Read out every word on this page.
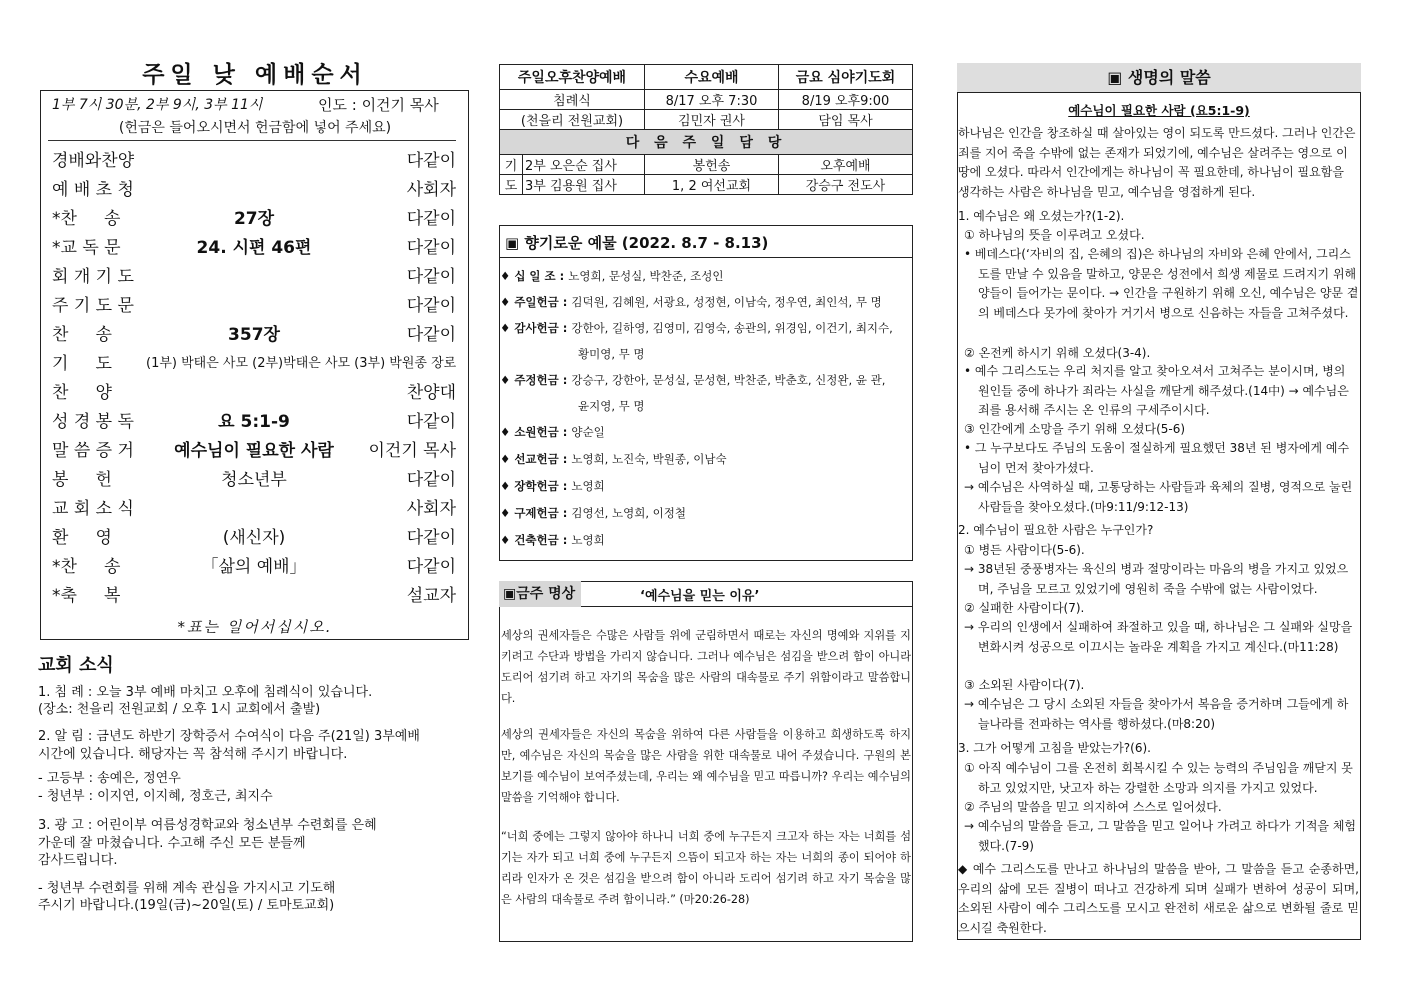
주일 낮 예배순서
1부 7시 30분, 2부 9시, 3부 11시	인도 : 이건기 목사
(헌금은 들어오시면서 헌금함에 넣어 주세요)
경배와찬양	다같이
예 배 초 청	사회자
*찬     송	27장	다같이
*교 독 문	24. 시편 46편	다같이
회 개 기 도	다같이
주 기 도 문	다같이
찬     송	357장	다같이
기     도	(1부) 박태은 사모 (2부)박태은 사모 (3부) 박원종 장로
찬     양	찬양대
성 경 봉 독	요 5:1-9	다같이
말 씀 증 거	예수님이 필요한 사람	이건기 목사
봉     헌	청소년부	다같이
교 회 소 식	사회자
환     영	(새신자)	다같이
*찬     송	「삶의 예배」	다같이
*축     복	설교자
*표는 일어서십시오.
교회 소식
1. 침 례 : 오늘 3부 예배 마치고 오후에 침례식이 있습니다.
(장소: 천을리 전원교회 / 오후 1시 교회에서 출발)
2. 알 림 : 금년도 하반기 장학증서 수여식이 다음 주(21일) 3부예배
시간에 있습니다. 해당자는 꼭 참석해 주시기 바랍니다.
- 고등부 : 송예은, 정연우
- 청년부 : 이지연, 이지혜, 정호근, 최지수
3. 광 고 : 어린이부 여름성경학교와 청소년부 수련회를 은혜
가운데 잘 마쳤습니다. 수고해 주신 모든 분들께
감사드립니다.
- 청년부 수련회를 위해 계속 관심을 가지시고 기도해
주시기 바랍니다.(19일(금)~20일(토) / 토마토교회)
주일오후찬양예배		수요예배	금요 심야기도회
침례식		8/17 오후 7:30	8/19 오후9:00
(천을리 전원교회)		김민자 권사	담임 목사
다 음 주 일 담 당			
기	2부 오은순 집사	봉헌송	오후예배
도	3부 김용원 집사	1, 2 여선교회	강승구 전도사
▣ 향기로운 예물 (2022. 8.7 - 8.13)
♦ 십 일 조 : 노영희, 문성실, 박찬준, 조성인
♦ 주일헌금 : 김덕원, 김혜원, 서광요, 성정현, 이남숙, 정우연, 최인석, 무 명
♦ 감사헌금 : 강한아, 길하영, 김영미, 김영숙, 송관의, 위경임, 이건기, 최지수,
황미영, 무 명
♦ 주정헌금 : 강승구, 강한아, 문성실, 문성현, 박찬준, 박춘호, 신정완, 윤 관,
윤지영, 무 명
♦ 소원헌금 : 양순일
♦ 선교헌금 : 노영희, 노진숙, 박원종, 이남숙
♦ 장학헌금 : 노영희
♦ 구제헌금 : 김영선, 노영희, 이정철
♦ 건축헌금 : 노영희
▣금주 명상	‘예수님을 믿는 이유’
세상의 권세자들은 수많은 사람들 위에 군림하면서 때로는 자신의 명예와 지위를 지키려고 수단과 방법을 가리지 않습니다. 그러나 예수님은 섬김을 받으려 함이 아니라 도리어 섬기려 하고 자기의 목숨을 많은 사람의 대속물로 주기 위함이라고 말씀합니다.
세상의 권세자들은 자신의 목숨을 위하여 다른 사람들을 이용하고 희생하도록 하지만, 예수님은 자신의 목숨을 많은 사람을 위한 대속물로 내어 주셨습니다. 구원의 본보기를 예수님이 보여주셨는데, 우리는 왜 예수님을 믿고 따릅니까? 우리는 예수님의 말씀을 기억해야 합니다.
“너희 중에는 그렇지 않아야 하나니 너희 중에 누구든지 크고자 하는 자는 너희를 섬기는 자가 되고 너희 중에 누구든지 으뜸이 되고자 하는 자는 너희의 종이 되어야 하리라 인자가 온 것은 섬김을 받으려 함이 아니라 도리어 섬기려 하고 자기 목숨을 많은 사람의 대속물로 주려 함이니라.” (마20:26-28)
▣ 생명의 말씀
예수님이 필요한 사람 (요5:1-9)
하나님은 인간을 창조하실 때 살아있는 영이 되도록 만드셨다. 그러나 인간은 죄를 지어 죽을 수밖에 없는 존재가 되었기에, 예수님은 살려주는 영으로 이땅에 오셨다. 따라서 인간에게는 하나님이 꼭 필요한데, 하나님이 필요함을 생각하는 사람은 하나님을 믿고, 예수님을 영접하게 된다.
1. 예수님은 왜 오셨는가?(1-2).
① 하나님의 뜻을 이루려고 오셨다.
• 베데스다(‘자비의 집, 은혜의 집)은 하나님의 자비와 은혜 안에서, 그리스도를 만날 수 있음을 말하고, 양문은 성전에서 희생 제물로 드려지기 위해 양들이 들어가는 문이다. → 인간을 구원하기 위해 오신, 예수님은 양문 곁의 베데스다 못가에 찾아가 거기서 병으로 신음하는 자들을 고쳐주셨다.
② 온전케 하시기 위해 오셨다(3-4).
• 예수 그리스도는 우리 처지를 알고 찾아오셔서 고쳐주는 분이시며, 병의 원인들 중에 하나가 죄라는 사실을 깨닫게 해주셨다.(14中) → 예수님은 죄를 용서해 주시는 온 인류의 구세주이시다.
③ 인간에게 소망을 주기 위해 오셨다(5-6)
• 그 누구보다도 주님의 도움이 절실하게 필요했던 38년 된 병자에게 예수님이 먼저 찾아가셨다.
→ 예수님은 사역하실 때, 고통당하는 사람들과 육체의 질병, 영적으로 눌린 사람들을 찾아오셨다.(마9:11/9:12-13)
2. 예수님이 필요한 사람은 누구인가?
① 병든 사람이다(5-6).
→ 38년된 중풍병자는 육신의 병과 절망이라는 마음의 병을 가지고 있었으며, 주님을 모르고 있었기에 영원히 죽을 수밖에 없는 사람이었다.
② 실패한 사람이다(7).
→ 우리의 인생에서 실패하여 좌절하고 있을 때, 하나님은 그 실패와 실망을 변화시켜 성공으로 이끄시는 놀라운 계획을 가지고 계신다.(마11:28)
③ 소외된 사람이다(7).
→ 예수님은 그 당시 소외된 자들을 찾아가서 복음을 증거하며 그들에게 하늘나라를 전파하는 역사를 행하셨다.(마8:20)
3. 그가 어떻게 고침을 받았는가?(6).
① 아직 예수님이 그를 온전히 회복시킬 수 있는 능력의 주님임을 깨닫지 못하고 있었지만, 낫고자 하는 강렬한 소망과 의지를 가지고 있었다.
② 주님의 말씀을 믿고 의지하여 스스로 일어섰다.
→ 예수님의 말씀을 듣고, 그 말씀을 믿고 일어나 가려고 하다가 기적을 체험했다.(7-9)
◆ 예수 그리스도를 만나고 하나님의 말씀을 받아, 그 말씀을 듣고 순종하면, 우리의 삶에 모든 질병이 떠나고 건강하게 되며 실패가 변하여 성공이 되며, 소외된 사람이 예수 그리스도를 모시고 완전히 새로운 삶으로 변화될 줄로 믿으시길 축원한다.
